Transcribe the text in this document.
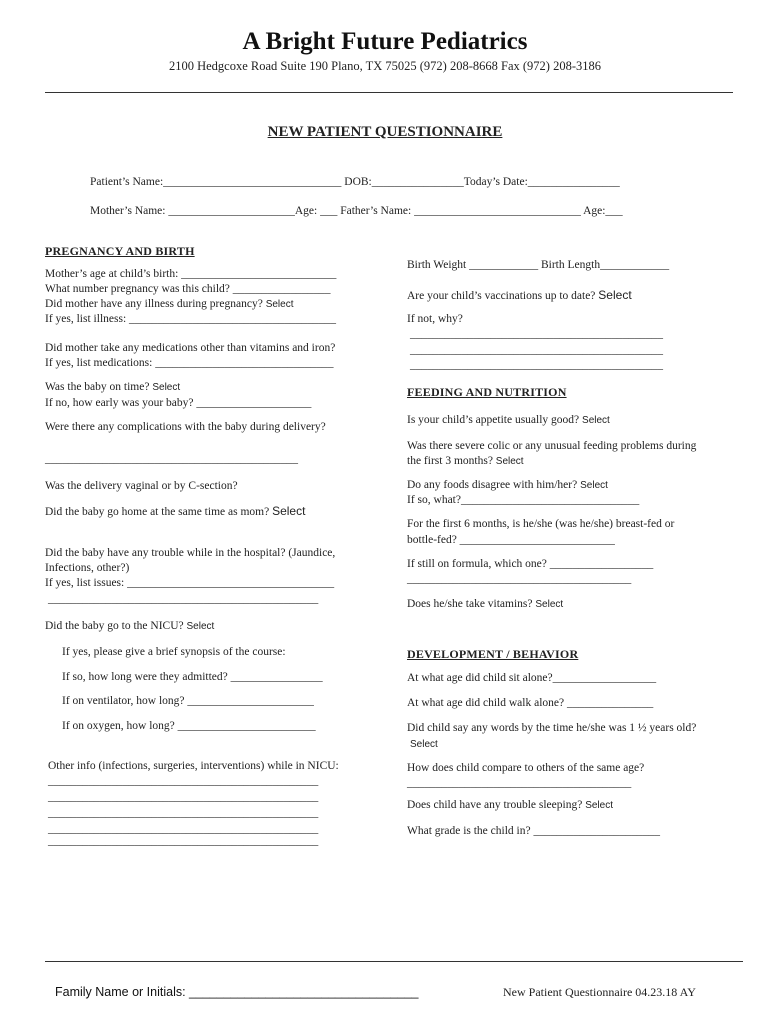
A Bright Future Pediatrics
2100 Hedgcoxe Road Suite 190 Plano, TX 75025 (972) 208-8668 Fax (972) 208-3186
NEW PATIENT QUESTIONNAIRE
Patient’s Name:_______________________________ DOB:________________Today’s Date:________________
Mother’s Name: ______________________Age: ___ Father’s Name: _____________________________ Age:___
PREGNANCY AND BIRTH
Mother’s age at child’s birth: ___________________________
What number pregnancy was this child? _________________
Did mother have any illness during pregnancy? Select
If yes, list illness: ____________________________________
Did mother take any medications other than vitamins and iron?
If yes, list medications: _______________________________
Was the baby on time? Select
If no, how early was your baby? ____________________
Were there any complications with the baby during delivery?
____________________________________________
Was the delivery vaginal or by C-section?
Did the baby go home at the same time as mom? Select
Did the baby have any trouble while in the hospital? (Jaundice,
Infections, other?)
If yes, list issues: ____________________________________
_______________________________________________
Did the baby go to the NICU? Select
If yes, please give a brief synopsis of the course:
If so, how long were they admitted? ________________
If on ventilator, how long? ______________________
If on oxygen, how long? ________________________
Other info (infections, surgeries, interventions) while in NICU:
_______________________________________________
_______________________________________________
_______________________________________________
_______________________________________________
_______________________________________________
Birth Weight ____________ Birth Length____________
Are your child’s vaccinations up to date? Select
If not, why?
____________________________________________
____________________________________________
____________________________________________
FEEDING AND NUTRITION
Is your child’s appetite usually good? Select
Was there severe colic or any unusual feeding problems during
the first 3 months? Select
Do any foods disagree with him/her? Select
If so, what?_______________________________
For the first 6 months, is he/she (was he/she) breast-fed or
bottle-fed? ___________________________
If still on formula, which one? __________________
_______________________________________
Does he/she take vitamins? Select
DEVELOPMENT / BEHAVIOR
At what age did child sit alone?__________________
At what age did child walk alone? _______________
Did child say any words by the time he/she was 1 ½ years old?
Select
How does child compare to others of the same age?
_______________________________________
Does child have any trouble sleeping? Select
What grade is the child in? ______________________
Family Name or Initials: _________________________________	New Patient Questionnaire 04.23.18 AY
